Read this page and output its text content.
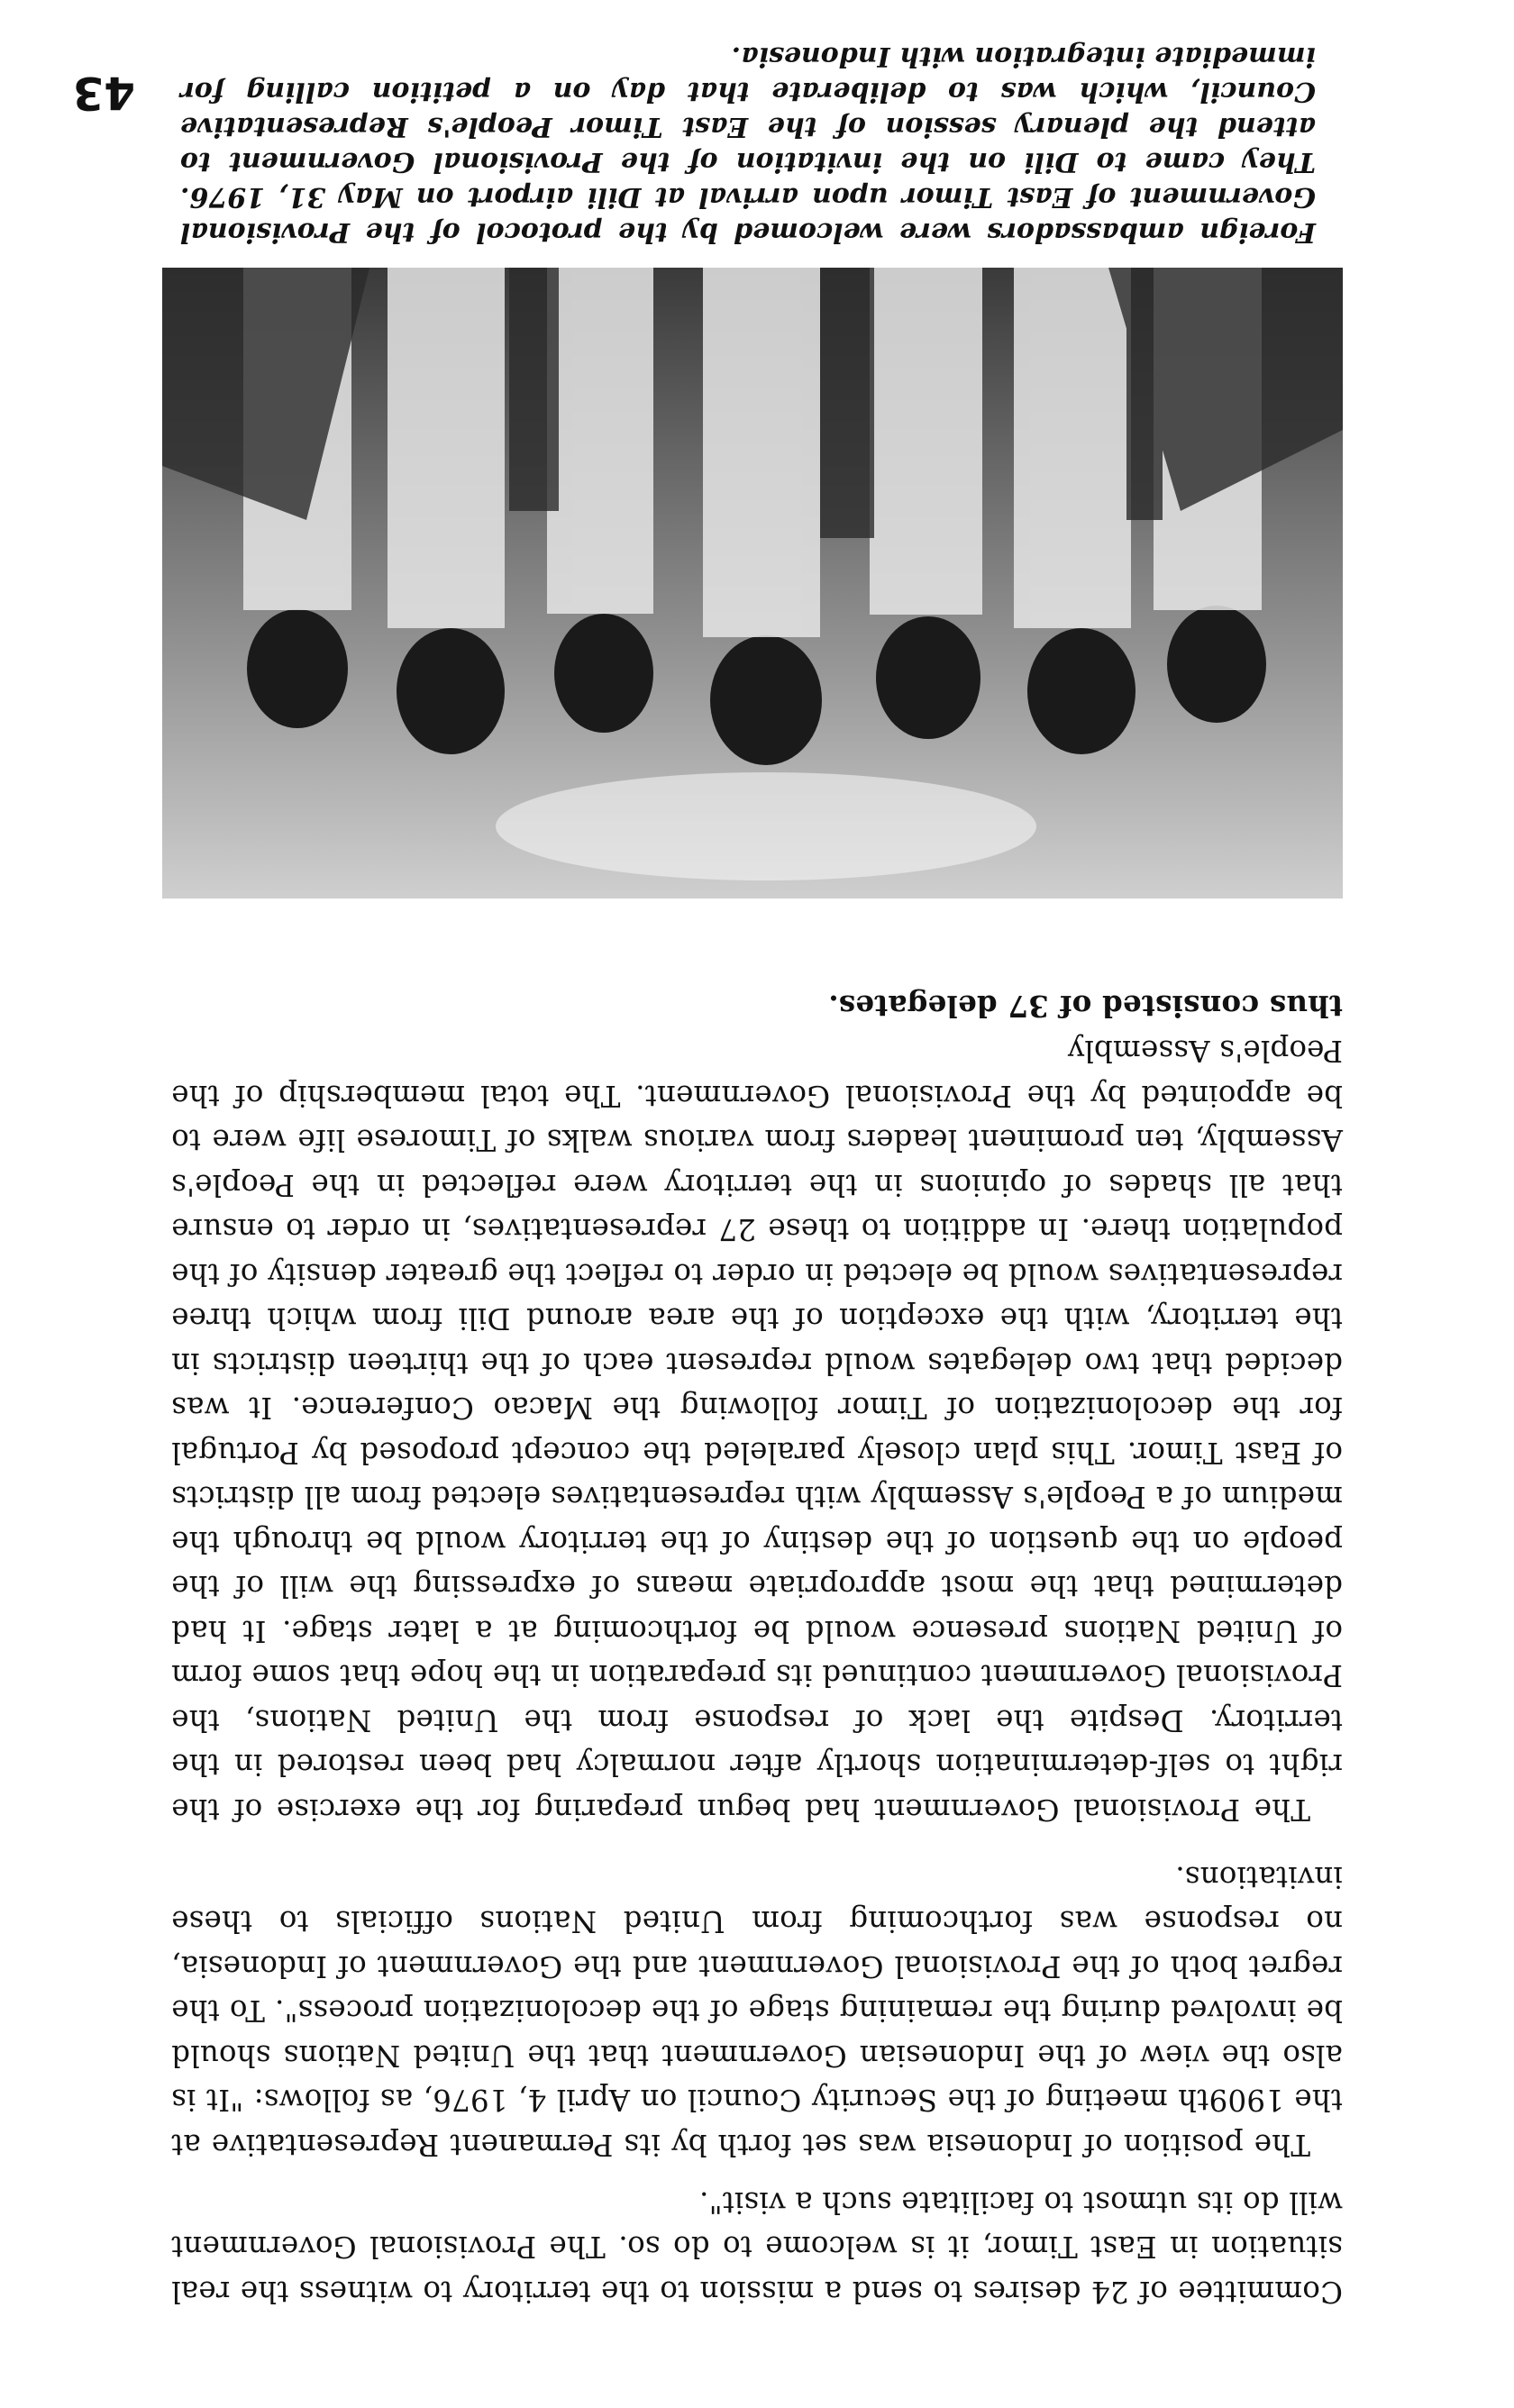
Committee of 24 desires to send a mission to the territory to witness the real situation in East Timor, it is welcome to do so. The Provisional Government will do its utmost to facilitate such a visit".

The position of Indonesia was set forth by its Permanent Representative at the 1909th meeting of the Security Council on April 4, 1976, as follows: "It is also the view of the Indonesian Government that the United Nations should be involved during the remaining stage of the decolonization process". To the regret both of the Provisional Government and the Government of Indonesia, no response was forthcoming from United Nations officials to these invitations.

The Provisional Government had begun preparing for the exercise of the right to self-determination shortly after normalcy had been restored in the territory. Despite the lack of response from the United Nations, the Provisional Government continued its preparation in the hope that some form of United Nations presence would be forthcoming at a later stage. It had determined that the most appropriate means of expressing the will of the people on the question of the destiny of the territory would be through the medium of a People's Assembly with representatives elected from all districts of East Timor. This plan closely paraleled the concept proposed by Portugal for the decolonization of Timor following the Macao Conference. It was decided that two delegates would represent each of the thirteen districts in the territory, with the exception of the area around Dili from which three representatives would be elected in order to reflect the greater density of the population there. In addition to these 27 representatives, in order to ensure that all shades of opinions in the territory were reflected in the People's Assembly, ten prominent leaders from various walks of Timorese life were to be appointed by the Provisional Government. The total membership of the People's Assembly
thus consisted of 37 delegates.

Foreign ambassadors were welcomed by the protocol of the Provisional Government of East Timor upon arrival at Dili airport on May 31, 1976. They came to Dili on the invitation of the Provisional Government to attend the plenary session of the East Timor People's Representative Council, which was to deliberate that day on a petition calling for immediate integration with Indonesia.

43
